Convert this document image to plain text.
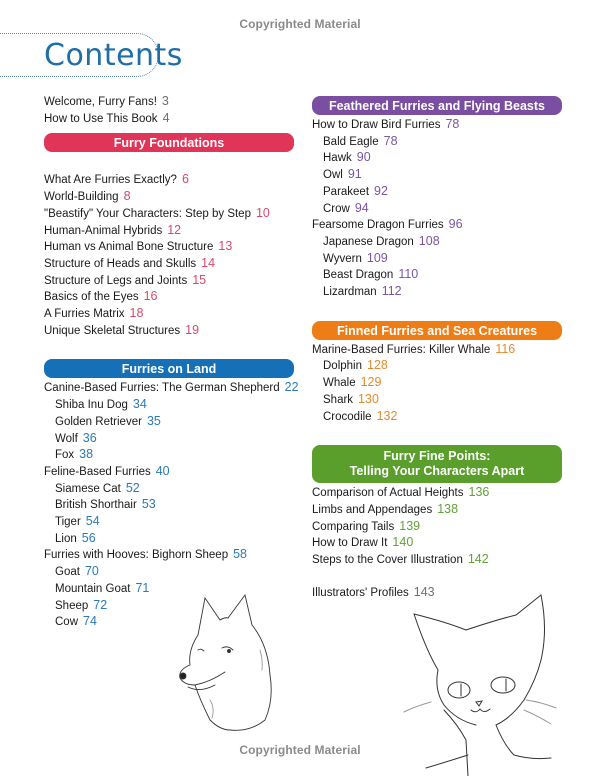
Copyrighted Material
Contents
Welcome, Furry Fans! 3
How to Use This Book 4
Furry Foundations
What Are Furries Exactly? 6
World-Building 8
"Beastify" Your Characters: Step by Step 10
Human-Animal Hybrids 12
Human vs Animal Bone Structure 13
Structure of Heads and Skulls 14
Structure of Legs and Joints 15
Basics of the Eyes 16
A Furries Matrix 18
Unique Skeletal Structures 19
Furries on Land
Canine-Based Furries: The German Shepherd 22
Shiba Inu Dog 34
Golden Retriever 35
Wolf 36
Fox 38
Feline-Based Furries 40
Siamese Cat 52
British Shorthair 53
Tiger 54
Lion 56
Furries with Hooves: Bighorn Sheep 58
Goat 70
Mountain Goat 71
Sheep 72
Cow 74
Feathered Furries and Flying Beasts
How to Draw Bird Furries 78
Bald Eagle 78
Hawk 90
Owl 91
Parakeet 92
Crow 94
Fearsome Dragon Furries 96
Japanese Dragon 108
Wyvern 109
Beast Dragon 110
Lizardman 112
Finned Furries and Sea Creatures
Marine-Based Furries: Killer Whale 116
Dolphin 128
Whale 129
Shark 130
Crocodile 132
Furry Fine Points:
Telling Your Characters Apart
Comparison of Actual Heights 136
Limbs and Appendages 138
Comparing Tails 139
How to Draw It 140
Steps to the Cover Illustration 142
Illustrators' Profiles 143
Copyrighted Material
